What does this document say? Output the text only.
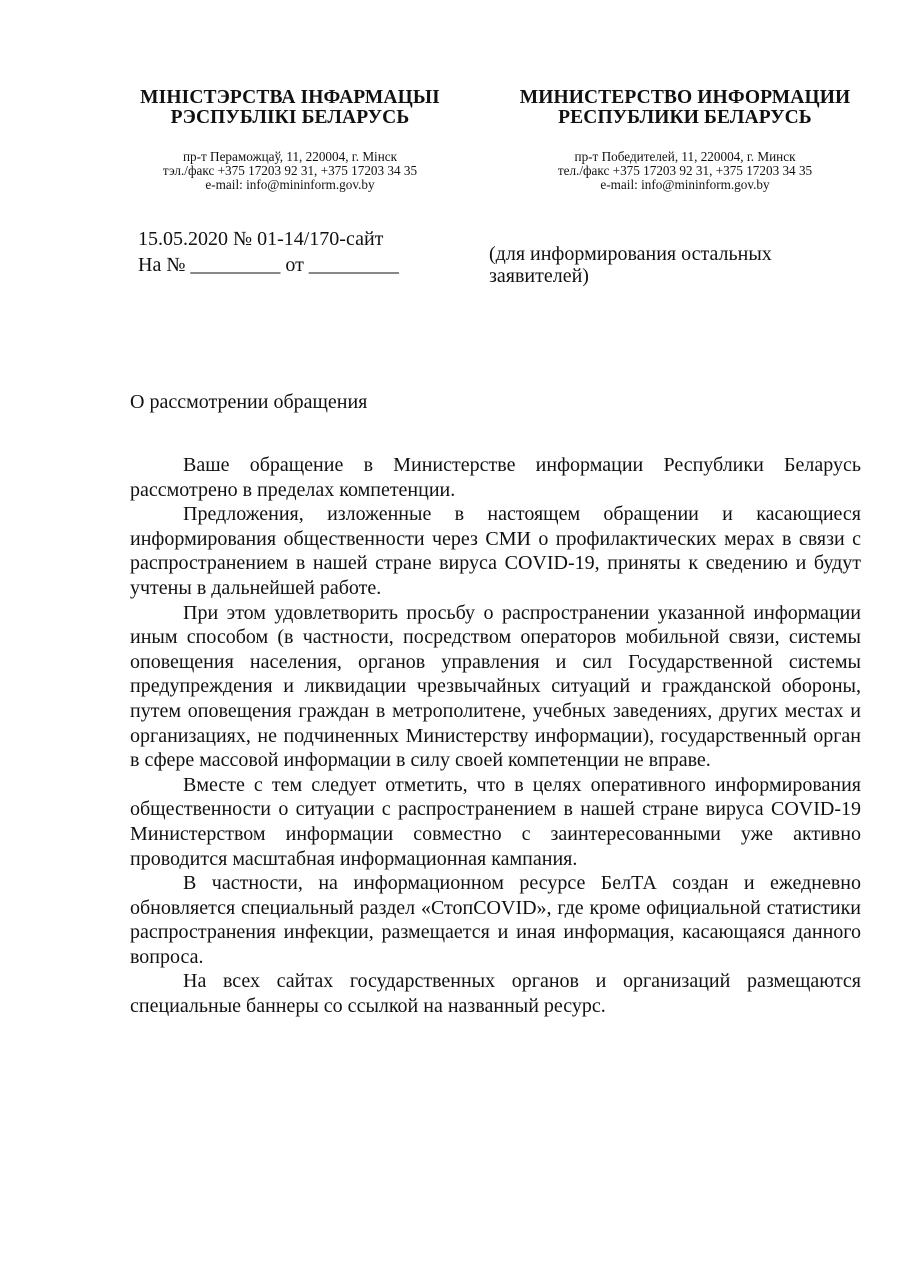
МІНІСТЭРСТВА ІНФАРМАЦЫІ
РЭСПУБЛІКІ БЕЛАРУСЬ
пр-т Пераможцаў, 11, 220004, г. Мінск
тэл./факс +375 17203 92 31, +375 17203 34 35
e-mail: info@mininform.gov.by
МИНИСТЕРСТВО ИНФОРМАЦИИ
РЕСПУБЛИКИ БЕЛАРУСЬ
пр-т Победителей, 11, 220004, г. Минск
тел./факс +375 17203 92 31, +375 17203 34 35
e-mail: info@mininform.gov.by
15.05.2020 № 01-14/170-сайт
На № _________ от _________	(для информирования остальных заявителей)
О рассмотрении обращения

Ваше обращение в Министерстве информации Республики Беларусь рассмотрено в пределах компетенции.

Предложения, изложенные в настоящем обращении и касающиеся информирования общественности через СМИ о профилактических мерах в связи с распространением в нашей стране вируса COVID-19, приняты к сведению и будут учтены в дальнейшей работе.

При этом удовлетворить просьбу о распространении указанной информации иным способом (в частности, посредством операторов мобильной связи, системы оповещения населения, органов управления и сил Государственной системы предупреждения и ликвидации чрезвычайных ситуаций и гражданской обороны, путем оповещения граждан в метрополитене, учебных заведениях, других местах и организациях, не подчиненных Министерству информации), государственный орган в сфере массовой информации в силу своей компетенции не вправе.

Вместе с тем следует отметить, что в целях оперативного информирования общественности о ситуации с распространением в нашей стране вируса COVID-19 Министерством информации совместно с заинтересованными уже активно проводится масштабная информационная кампания.

В частности, на информационном ресурсе БелТА создан и ежедневно обновляется специальный раздел «СтопCOVID», где кроме официальной статистики распространения инфекции, размещается и иная информация, касающаяся данного вопроса.

На всех сайтах государственных органов и организаций размещаются специальные баннеры со ссылкой на названный ресурс.
